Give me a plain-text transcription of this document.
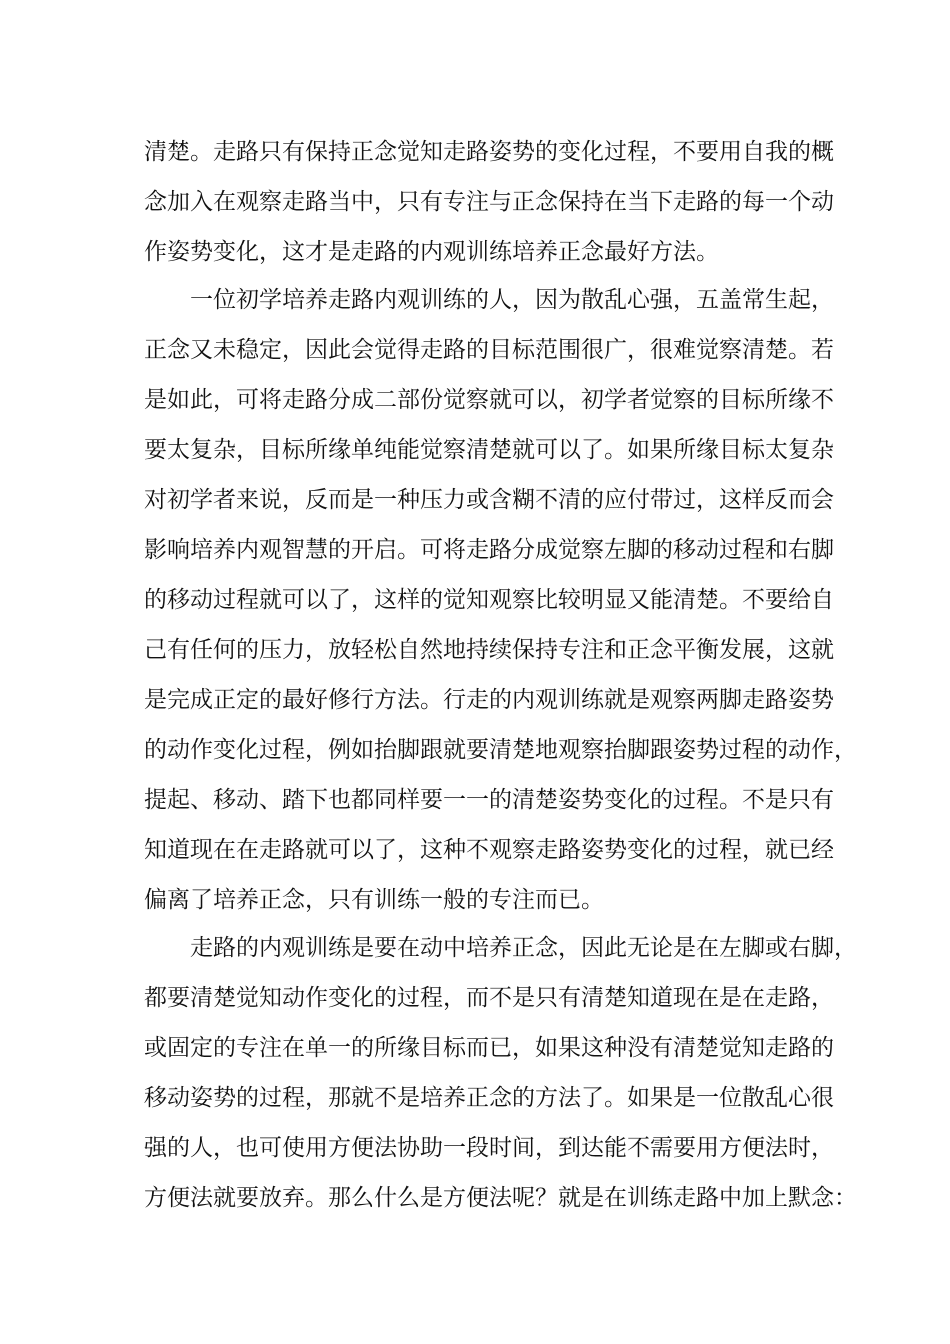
清楚。走路只有保持正念觉知走路姿势的变化过程，不要用自我的概
念加入在观察走路当中，只有专注与正念保持在当下走路的每一个动
作姿势变化，这才是走路的内观训练培养正念最好方法。
一位初学培养走路内观训练的人，因为散乱心强，五盖常生起，
正念又未稳定，因此会觉得走路的目标范围很广，很难觉察清楚。若
是如此，可将走路分成二部份觉察就可以，初学者觉察的目标所缘不
要太复杂，目标所缘单纯能觉察清楚就可以了。如果所缘目标太复杂
对初学者来说，反而是一种压力或含糊不清的应付带过，这样反而会
影响培养内观智慧的开启。可将走路分成觉察左脚的移动过程和右脚
的移动过程就可以了，这样的觉知观察比较明显又能清楚。不要给自
己有任何的压力，放轻松自然地持续保持专注和正念平衡发展，这就
是完成正定的最好修行方法。行走的内观训练就是观察两脚走路姿势
的动作变化过程，例如抬脚跟就要清楚地观察抬脚跟姿势过程的动作，
提起、移动、踏下也都同样要一一的清楚姿势变化的过程。不是只有
知道现在在走路就可以了，这种不观察走路姿势变化的过程，就已经
偏离了培养正念，只有训练一般的专注而已。
走路的内观训练是要在动中培养正念，因此无论是在左脚或右脚，
都要清楚觉知动作变化的过程，而不是只有清楚知道现在是在走路，
或固定的专注在单一的所缘目标而已，如果这种没有清楚觉知走路的
移动姿势的过程，那就不是培养正念的方法了。如果是一位散乱心很
强的人，也可使用方便法协助一段时间，到达能不需要用方便法时，
方便法就要放弃。那么什么是方便法呢？就是在训练走路中加上默念：
